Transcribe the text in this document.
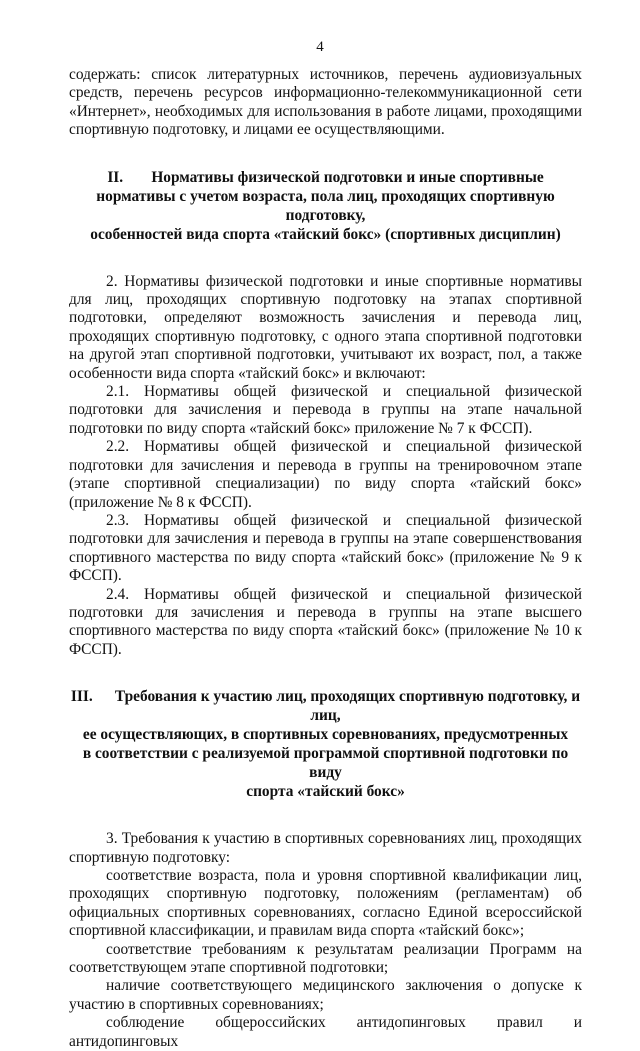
4

содержать: список литературных источников, перечень аудиовизуальных средств, перечень ресурсов информационно-телекоммуникационной сети «Интернет», необходимых для использования в работе лицами, проходящими спортивную подготовку, и лицами ее осуществляющими.

II. Нормативы физической подготовки и иные спортивные
нормативы с учетом возраста, пола лиц, проходящих спортивную подготовку,
особенностей вида спорта «тайский бокс» (спортивных дисциплин)

2. Нормативы физической подготовки и иные спортивные нормативы для лиц, проходящих спортивную подготовку на этапах спортивной подготовки, определяют возможность зачисления и перевода лиц, проходящих спортивную подготовку, с одного этапа спортивной подготовки на другой этап спортивной подготовки, учитывают их возраст, пол, а также особенности вида спорта «тайский бокс» и включают:

2.1. Нормативы общей физической и специальной физической подготовки для зачисления и перевода в группы на этапе начальной подготовки по виду спорта «тайский бокс» приложение № 7 к ФССП).

2.2. Нормативы общей физической и специальной физической подготовки для зачисления и перевода в группы на тренировочном этапе (этапе спортивной специализации) по виду спорта «тайский бокс» (приложение № 8 к ФССП).

2.3. Нормативы общей физической и специальной физической подготовки для зачисления и перевода в группы на этапе совершенствования спортивного мастерства по виду спорта «тайский бокс» (приложение № 9 к ФССП).

2.4. Нормативы общей физической и специальной физической подготовки для зачисления и перевода в группы на этапе высшего спортивного мастерства по виду спорта «тайский бокс» (приложение № 10 к ФССП).

III. Требования к участию лиц, проходящих спортивную подготовку, и лиц,
ее осуществляющих, в спортивных соревнованиях, предусмотренных
в соответствии с реализуемой программой спортивной подготовки по виду
спорта «тайский бокс»

3. Требования к участию в спортивных соревнованиях лиц, проходящих спортивную подготовку:

соответствие возраста, пола и уровня спортивной квалификации лиц, проходящих спортивную подготовку, положениям (регламентам) об официальных спортивных соревнованиях, согласно Единой всероссийской спортивной классификации, и правилам вида спорта «тайский бокс»;

соответствие требованиям к результатам реализации Программ на соответствующем этапе спортивной подготовки;

наличие соответствующего медицинского заключения о допуске к участию в спортивных соревнованиях;

соблюдение общероссийских антидопинговых правил и антидопинговых
